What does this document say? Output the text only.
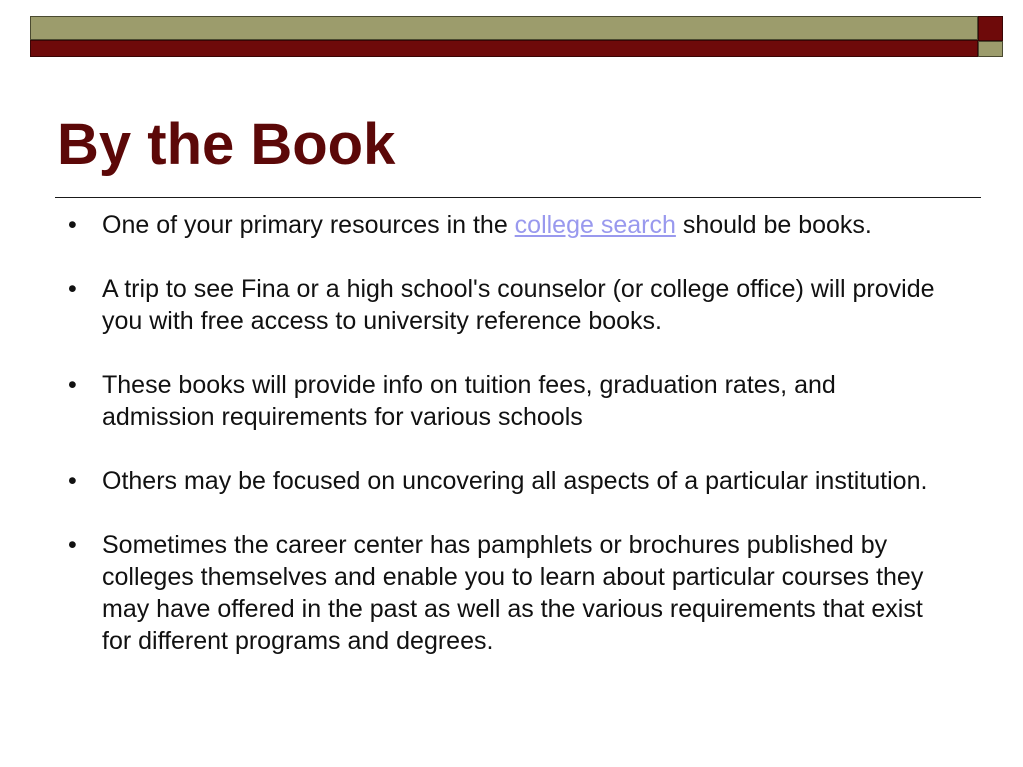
By the Book
• One of your primary resources in the college search should be books.
• A trip to see Fina or a high school's counselor (or college office) will provide you with free access to university reference books.
• These books will provide info on tuition fees, graduation rates, and admission requirements for various schools
• Others may be focused on uncovering all aspects of a particular institution.
• Sometimes the career center has pamphlets or brochures published by colleges themselves and enable you to learn about particular courses they may have offered in the past as well as the various requirements that exist for different programs and degrees.
